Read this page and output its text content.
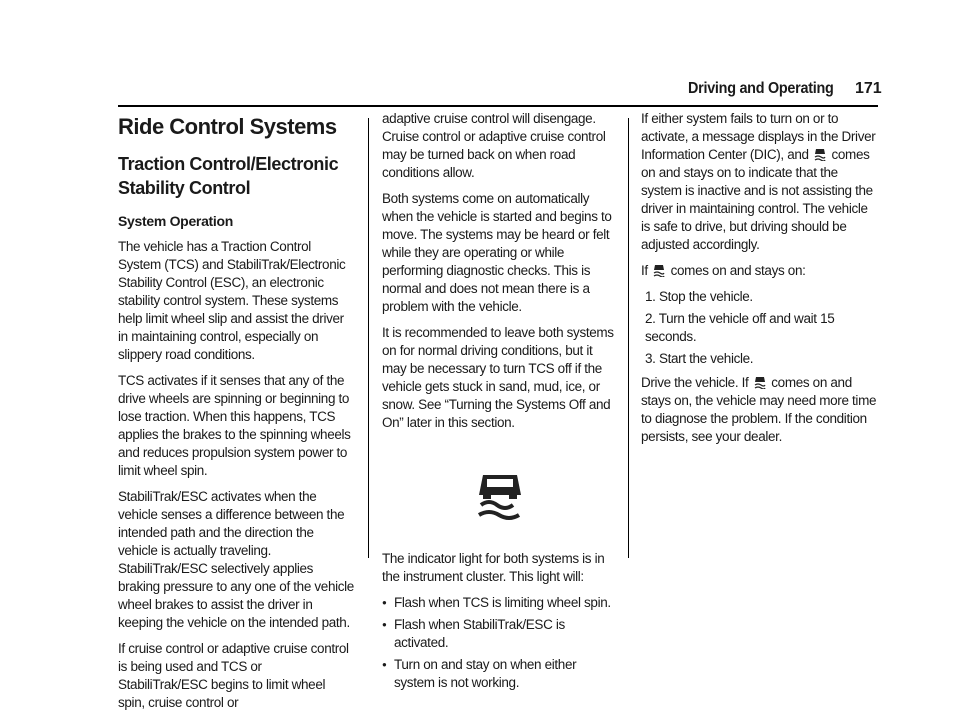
Driving and Operating 171
Ride Control Systems
Traction Control/Electronic Stability Control
System Operation

The vehicle has a Traction Control System (TCS) and StabiliTrak/Electronic Stability Control (ESC), an electronic stability control system. These systems help limit wheel slip and assist the driver in maintaining control, especially on slippery road conditions.

TCS activates if it senses that any of the drive wheels are spinning or beginning to lose traction. When this happens, TCS applies the brakes to the spinning wheels and reduces propulsion system power to limit wheel spin.

StabiliTrak/ESC activates when the vehicle senses a difference between the intended path and the direction the vehicle is actually traveling. StabiliTrak/ESC selectively applies braking pressure to any one of the vehicle wheel brakes to assist the driver in keeping the vehicle on the intended path.

If cruise control or adaptive cruise control is being used and TCS or StabiliTrak/ESC begins to limit wheel spin, cruise control or

adaptive cruise control will disengage. Cruise control or adaptive cruise control may be turned back on when road conditions allow.

Both systems come on automatically when the vehicle is started and begins to move. The systems may be heard or felt while they are operating or while performing diagnostic checks. This is normal and does not mean there is a problem with the vehicle.

It is recommended to leave both systems on for normal driving conditions, but it may be necessary to turn TCS off if the vehicle gets stuck in sand, mud, ice, or snow. See “Turning the Systems Off and On” later in this section.

The indicator light for both systems is in the instrument cluster. This light will:

● Flash when TCS is limiting wheel spin.
● Flash when StabiliTrak/ESC is activated.
● Turn on and stay on when either system is not working.

If either system fails to turn on or to activate, a message displays in the Driver Information Center (DIC), and comes on and stays on to indicate that the system is inactive and is not assisting the driver in maintaining control. The vehicle is safe to drive, but driving should be adjusted accordingly.

If comes on and stays on:

1. Stop the vehicle.
2. Turn the vehicle off and wait 15 seconds.
3. Start the vehicle.

Drive the vehicle. If comes on and stays on, the vehicle may need more time to diagnose the problem. If the condition persists, see your dealer.
